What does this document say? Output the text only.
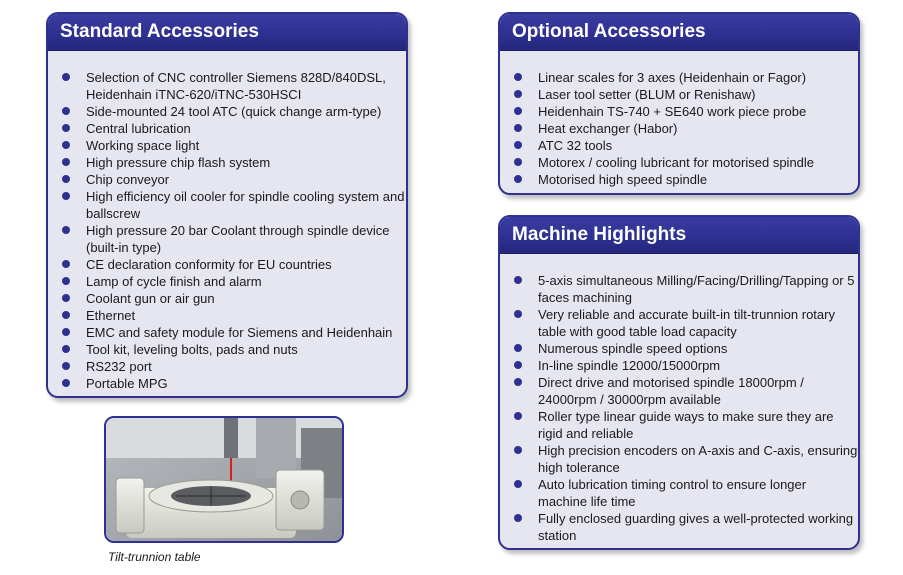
Standard Accessories
Selection of CNC controller Siemens 828D/840DSL, Heidenhain iTNC-620/iTNC-530HSCI
Side-mounted 24 tool ATC (quick change arm-type)
Central lubrication
Working space light
High pressure chip flash system
Chip conveyor
High efficiency oil cooler for spindle cooling system and ballscrew
High pressure 20 bar Coolant through spindle device (built-in type)
CE declaration conformity for EU countries
Lamp of cycle finish and alarm
Coolant gun or air gun
Ethernet
EMC and safety module for Siemens and Heidenhain
Tool kit, leveling bolts, pads and nuts
RS232 port
Portable MPG
Optional Accessories
Linear scales for 3 axes (Heidenhain or Fagor)
Laser tool setter (BLUM or Renishaw)
Heidenhain TS-740 + SE640 work piece probe
Heat exchanger (Habor)
ATC 32 tools
Motorex / cooling lubricant for motorised spindle
Motorised high speed spindle
Machine Highlights
5-axis simultaneous Milling/Facing/Drilling/Tapping or 5 faces machining
Very reliable and accurate built-in tilt-trunnion rotary table with good table load capacity
Numerous spindle speed options
In-line spindle 12000/15000rpm
Direct drive and motorised spindle 18000rpm / 24000rpm / 30000rpm available
Roller type linear guide ways to make sure they are rigid and reliable
High precision encoders on A-axis and C-axis, ensuring high tolerance
Auto lubrication timing control to ensure longer machine life time
Fully enclosed guarding gives a well-protected working station
Tilt-trunnion table
